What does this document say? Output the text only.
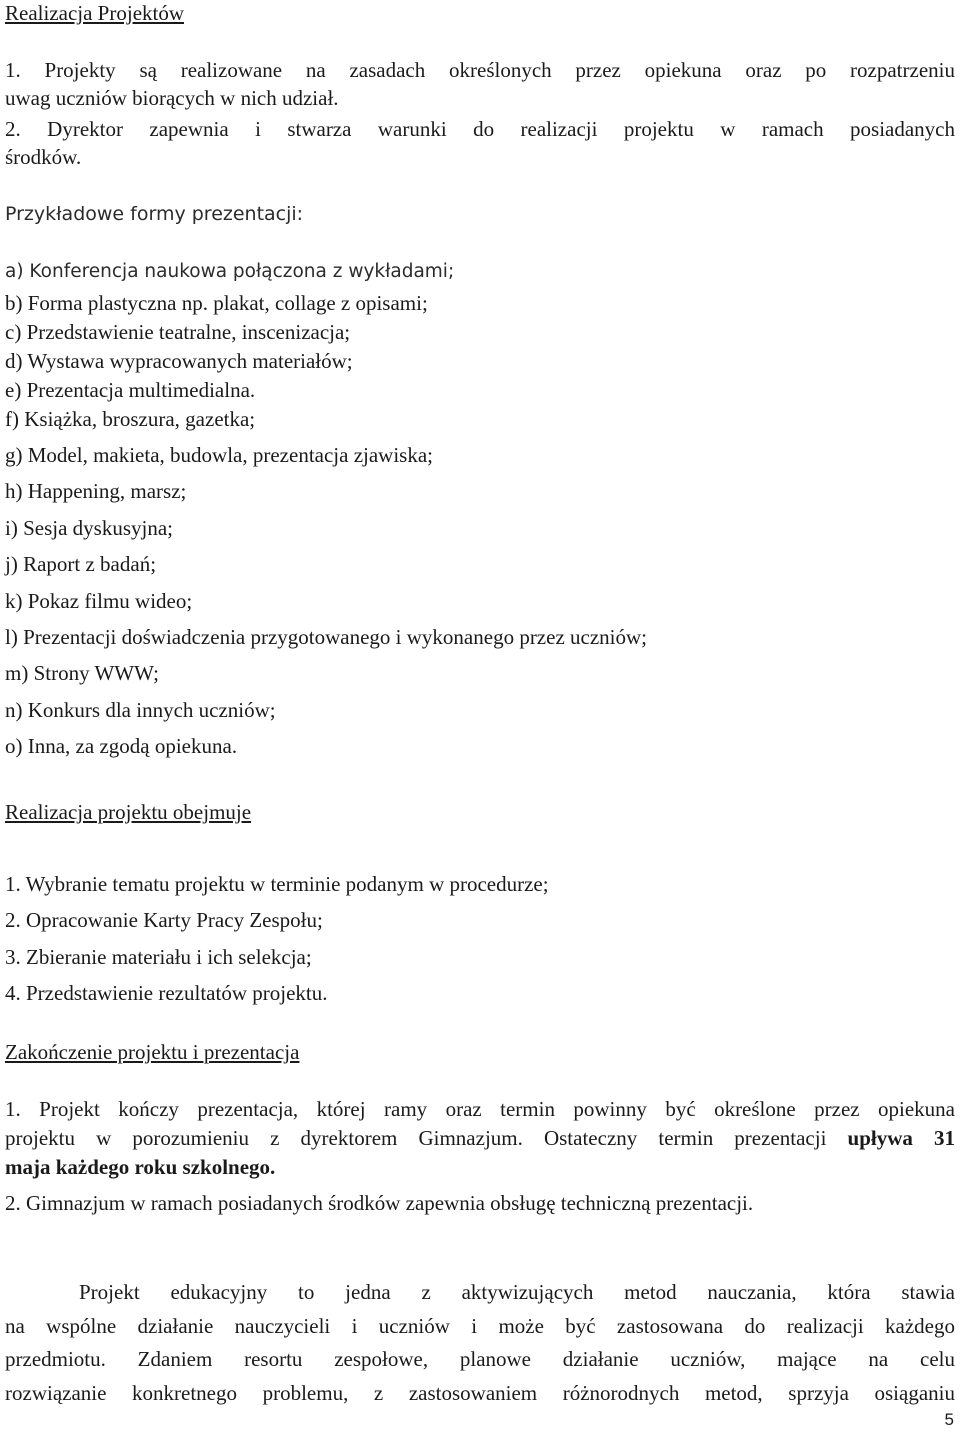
Realizacja Projektów
1. Projekty są realizowane na zasadach określonych przez opiekuna oraz po rozpatrzeniu
uwag uczniów biorących w nich udział.
2. Dyrektor zapewnia i stwarza warunki do realizacji projektu w ramach posiadanych
środków.
Przykładowe formy prezentacji:
a) Konferencja naukowa połączona z wykładami;
b) Forma plastyczna np. plakat, collage z opisami;
c) Przedstawienie teatralne, inscenizacja;
d) Wystawa wypracowanych materiałów;
e) Prezentacja multimedialna.
f) Książka, broszura, gazetka;
g) Model, makieta, budowla, prezentacja zjawiska;
h) Happening, marsz;
i) Sesja dyskusyjna;
j) Raport z badań;
k) Pokaz filmu wideo;
l) Prezentacji doświadczenia przygotowanego i wykonanego przez uczniów;
m) Strony WWW;
n) Konkurs dla innych uczniów;
o) Inna, za zgodą opiekuna.
Realizacja projektu obejmuje
1. Wybranie tematu projektu w terminie podanym w procedurze;
2. Opracowanie Karty Pracy Zespołu;
3. Zbieranie materiału i ich selekcja;
4. Przedstawienie rezultatów projektu.
Zakończenie projektu i prezentacja
1. Projekt kończy prezentacja, której ramy oraz termin powinny być określone przez opiekuna
projektu w porozumieniu z dyrektorem Gimnazjum. Ostateczny termin prezentacji upływa 31
maja każdego roku szkolnego.
2. Gimnazjum w ramach posiadanych środków zapewnia obsługę techniczną prezentacji.
Projekt edukacyjny to jedna z aktywizujących metod nauczania, która stawia
na wspólne działanie nauczycieli i uczniów i może być zastosowana do realizacji każdego
przedmiotu. Zdaniem resortu zespołowe, planowe działanie uczniów, mające na celu
rozwiązanie konkretnego problemu, z zastosowaniem różnorodnych metod, sprzyja osiąganiu
5
